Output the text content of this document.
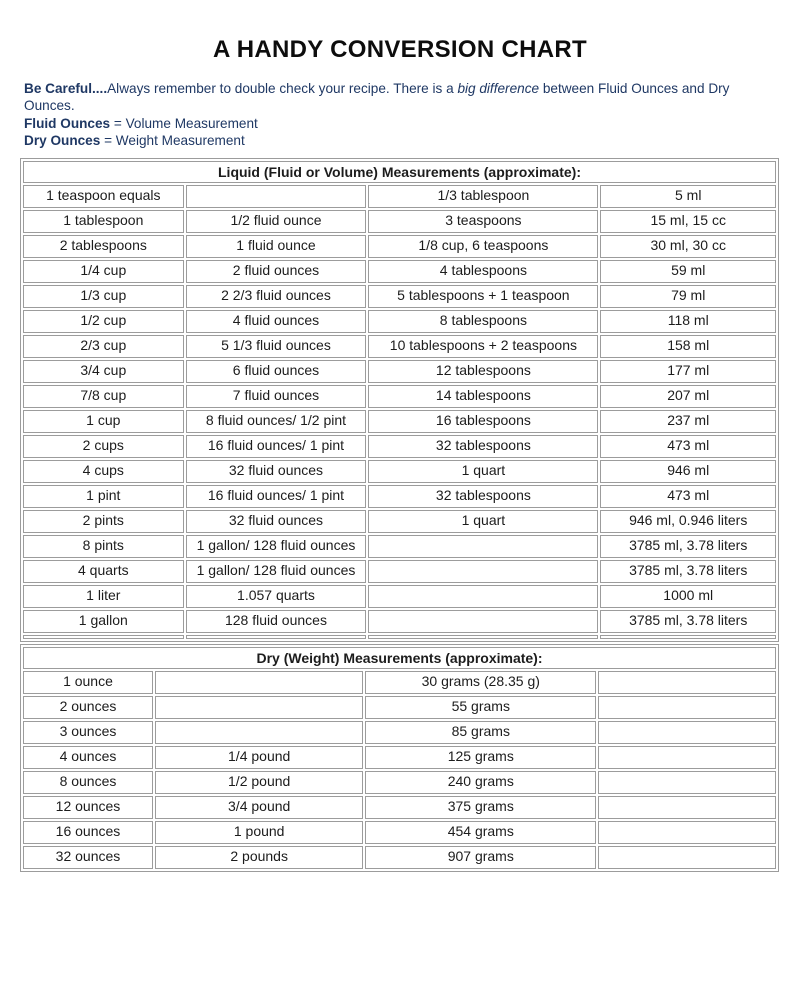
A HANDY CONVERSION CHART

Be Careful....Always remember to double check your recipe. There is a big difference between Fluid Ounces and Dry Ounces.

Fluid Ounces = Volume Measurement

Dry Ounces = Weight Measurement

Liquid (Fluid or Volume) Measurements (approximate):			
1 teaspoon equals		1/3 tablespoon	5 ml
1 tablespoon	1/2 fluid ounce	3 teaspoons	15 ml, 15 cc
2 tablespoons	1 fluid ounce	1/8 cup, 6 teaspoons	30 ml, 30 cc
1/4 cup	2 fluid ounces	4 tablespoons	59 ml
1/3 cup	2 2/3 fluid ounces	5 tablespoons + 1 teaspoon	79 ml
1/2 cup	4 fluid ounces	8 tablespoons	118 ml
2/3 cup	5 1/3 fluid ounces	10 tablespoons + 2 teaspoons	158 ml
3/4 cup	6 fluid ounces	12 tablespoons	177 ml
7/8 cup	7 fluid ounces	14 tablespoons	207 ml
1 cup	8 fluid ounces/ 1/2 pint	16 tablespoons	237 ml
2 cups	16 fluid ounces/ 1 pint	32 tablespoons	473 ml
4 cups	32 fluid ounces	1 quart	946 ml
1 pint	16 fluid ounces/ 1 pint	32 tablespoons	473 ml
2 pints	32 fluid ounces	1 quart	946 ml, 0.946 liters
8 pints	1 gallon/ 128 fluid ounces		3785 ml, 3.78 liters
4 quarts	1 gallon/ 128 fluid ounces		3785 ml, 3.78 liters
1 liter	1.057 quarts		1000 ml
1 gallon	128 fluid ounces		3785 ml, 3.78 liters

Dry (Weight) Measurements (approximate):			
1 ounce		30 grams (28.35 g)	
2 ounces		55 grams	
3 ounces		85 grams	
4 ounces	1/4 pound	125 grams	
8 ounces	1/2 pound	240 grams	
12 ounces	3/4 pound	375 grams	
16 ounces	1 pound	454 grams	
32 ounces	2 pounds	907 grams	
